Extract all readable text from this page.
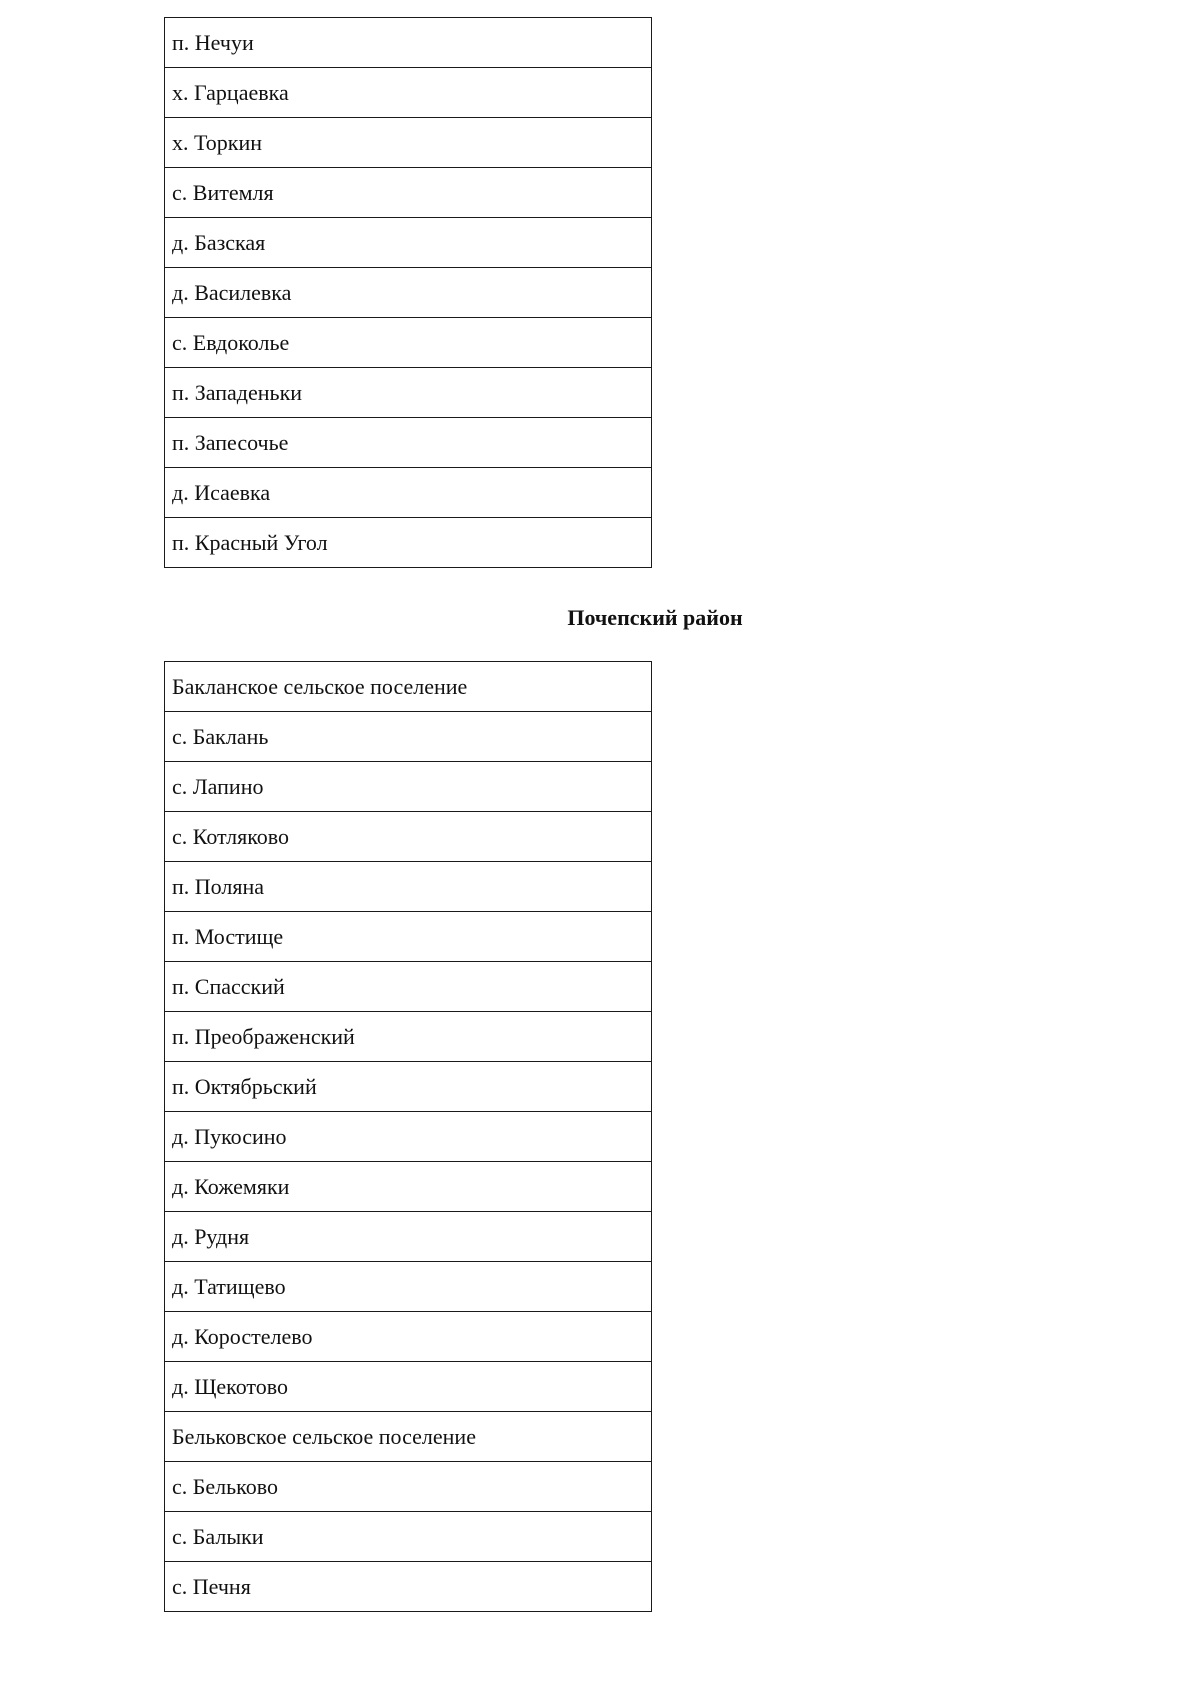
п. Нечуи
х. Гарцаевка
х. Торкин
с. Витемля
д. Базская
д. Василевка
с. Евдоколье
п. Западеньки
п. Запесочье
д. Исаевка
п. Красный Угол
Почепский район
Бакланское сельское поселение
с. Баклань
с. Лапино
с. Котляково
п. Поляна
п. Мостище
п. Спасский
п. Преображенский
п. Октябрьский
д. Пукосино
д. Кожемяки
д. Рудня
д. Татищево
д. Коростелево
д. Щекотово
Бельковское сельское поселение
с. Бельково
с. Балыки
с. Печня
